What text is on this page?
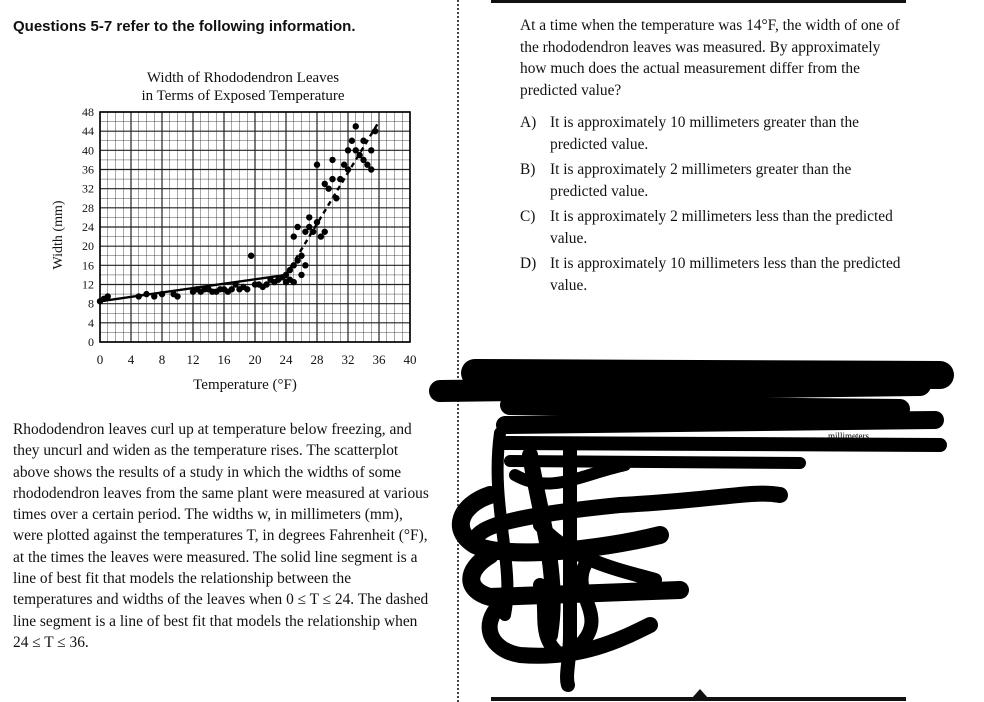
Questions 5-7 refer to the following information.
Width of Rhododendron Leaves
in Terms of Exposed Temperature
0 4 8 12 16 20 24 28 32 36 40
0
4
8
12
16
20
24
28
32
36
40
44
48
Temperature (°F)
Width (mm)
Rhododendron leaves curl up at temperature below freezing, and they uncurl and widen as the temperature rises. The scatterplot above shows the results of a study in which the widths of some rhododendron leaves from the same plant were measured at various times over a certain period. The widths w, in millimeters (mm), were plotted against the temperatures T, in degrees Fahrenheit (°F), at the times the leaves were measured. The solid line segment is a line of best fit that models the relationship between the temperatures and widths of the leaves when 0 ≤ T ≤ 24. The dashed line segment is a line of best fit that models the relationship when 24 ≤ T ≤ 36.
At a time when the temperature was 14°F, the width of one of the rhododendron leaves was measured. By approximately how much does the actual measurement differ from the predicted value?
A) It is approximately 10 millimeters greater than the predicted value.
B) It is approximately 2 millimeters greater than the predicted value.
C) It is approximately 2 millimeters less than the predicted value.
D) It is approximately 10 millimeters less than the predicted value.
the
millimeters
